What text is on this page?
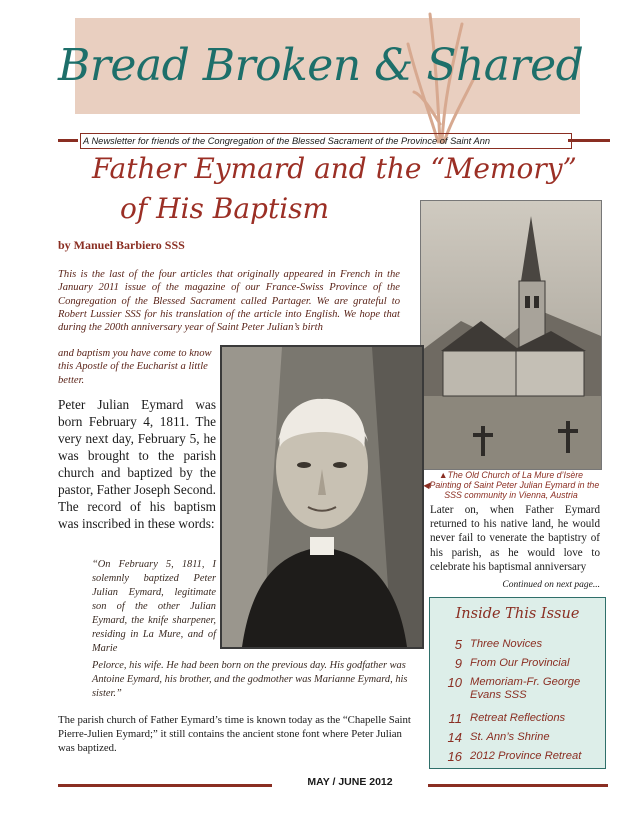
Bread Broken & Shared
A Newsletter for friends of the Congregation of the Blessed Sacrament of the Province of Saint Ann
Father Eymard and the “Memory”
of His Baptism
by Manuel Barbiero SSS
This is the last of the four articles that originally appeared in French in the January 2011 issue of the magazine of our France-Swiss Province of the Congregation of the Blessed Sacrament called Partager. We are grateful to Robert Lussier SSS for his translation of the article into English. We hope that during the 200th anniversary year of Saint Peter Julian’s birth
and baptism you have come to know this Apostle of the Eucharist a little better.
▲The Old Church of La Mure d’Isère
◀Painting of Saint Peter Julian Eymard in the SSS community in Vienna, Austria
Peter Julian Eymard was born February 4, 1811. The very next day, February 5, he was brought to the parish church and baptized by the pastor, Father Joseph Second. The record of his baptism was inscribed in these words:
“On February 5, 1811, I solemnly baptized Peter Julian Eymard, legitimate son of the other Julian Eymard, the knife sharpener, residing in La Mure, and of Marie
Pelorce, his wife. He had been born on the previous day. His godfather was Antoine Eymard, his brother, and the godmother was Marianne Eymard, his sister.”
The parish church of Father Eymard’s time is known today as the “Chapelle Saint Pierre-Julien Eymard;” it still contains the ancient stone font where Peter Julian was baptized.
Later on, when Father Eymard returned to his native land, he would never fail to venerate the baptistry of his parish, as he would love to celebrate his baptismal anniversary
Continued on next page...
Inside This Issue
5 Three Novices
9 From Our Provincial
10 Memoriam-Fr. George Evans SSS
11 Retreat Reflections
14 St. Ann’s Shrine
16 2012 Province Retreat
MAY / JUNE 2012
